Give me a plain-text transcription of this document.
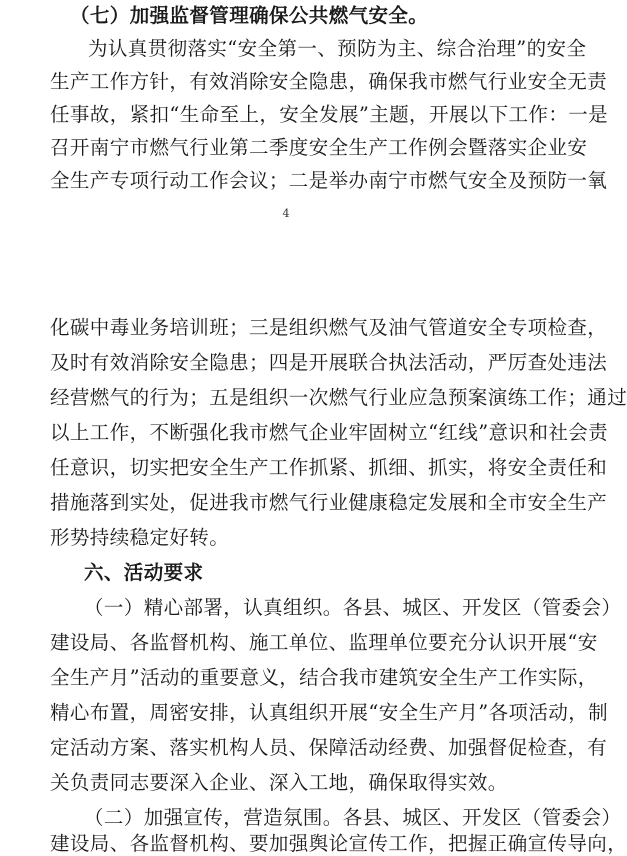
（七）加强监督管理确保公共燃气安全。
为认真贯彻落实“安全第一、预防为主、综合治理”的安全
生产工作方针，有效消除安全隐患，确保我市燃气行业安全无责
任事故，紧扣“生命至上，安全发展”主题，开展以下工作：一是
召开南宁市燃气行业第二季度安全生产工作例会暨落实企业安
全生产专项行动工作会议；二是举办南宁市燃气安全及预防一氧
4
化碳中毒业务培训班；三是组织燃气及油气管道安全专项检查，
及时有效消除安全隐患；四是开展联合执法活动，严厉查处违法
经营燃气的行为；五是组织一次燃气行业应急预案演练工作；通过
以上工作，不断强化我市燃气企业牢固树立“红线”意识和社会责
任意识，切实把安全生产工作抓紧、抓细、抓实，将安全责任和
措施落到实处，促进我市燃气行业健康稳定发展和全市安全生产
形势持续稳定好转。
六、活动要求
（一）精心部署，认真组织。各县、城区、开发区（管委会）
建设局、各监督机构、施工单位、监理单位要充分认识开展“安
全生产月”活动的重要意义，结合我市建筑安全生产工作实际，
精心布置，周密安排，认真组织开展“安全生产月”各项活动，制
定活动方案、落实机构人员、保障活动经费、加强督促检查，有
关负责同志要深入企业、深入工地，确保取得实效。
（二）加强宣传，营造氛围。各县、城区、开发区（管委会）
建设局、各监督机构、要加强舆论宣传工作，把握正确宣传导向，
